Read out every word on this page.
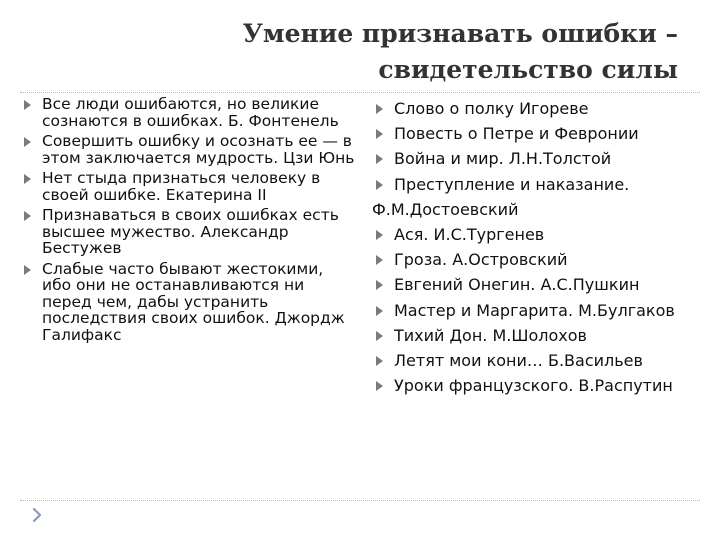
Умение признавать ошибки –
свидетельство силы
Все люди ошибаются, но великие сознаются в ошибках. Б. Фонтенель
Совершить ошибку и осознать ее — в этом заключается мудрость. Цзи Юнь
Нет стыда признаться человеку в своей ошибке. Екатерина II
Признаваться в своих ошибках есть высшее мужество. Александр Бестужев
Слабые часто бывают жестокими, ибо они не останавливаются ни перед чем, дабы устранить последствия своих ошибок. Джордж Галифакс
Слово о полку Игореве
Повесть о Петре и Февронии
Война и мир. Л.Н.Толстой
Преступление и наказание.
Ф.М.Достоевский
Ася. И.С.Тургенев
Гроза. А.Островский
Евгений Онегин. А.С.Пушкин
Мастер и Маргарита. М.Булгаков
Тихий Дон. М.Шолохов
Летят мои кони… Б.Васильев
Уроки французского. В.Распутин
